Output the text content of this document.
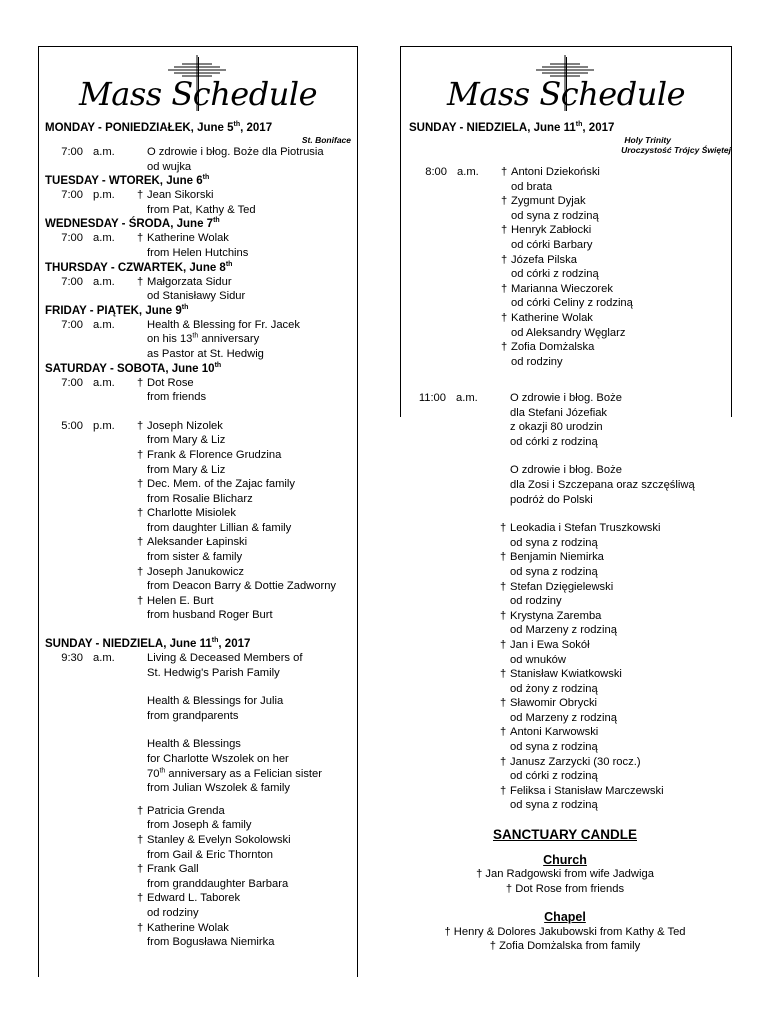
Mass Schedule
MONDAY - PONIEDZIAŁEK, June 5th, 2017
St. Boniface
7:00 a.m.	O zdrowie i błog. Boże dla Piotrusia
od wujka
TUESDAY - WTOREK, June 6th
7:00 p.m.	† Jean Sikorski
from Pat, Kathy & Ted
WEDNESDAY - ŚRODA, June 7th
7:00 a.m.	† Katherine Wolak
from Helen Hutchins
THURSDAY - CZWARTEK, June 8th
7:00 a.m.	† Małgorzata Sidur
od Stanisławy Sidur
FRIDAY - PIĄTEK, June 9th
7:00 a.m.	Health & Blessing for Fr. Jacek
on his 13th anniversary
as Pastor at St. Hedwig
SATURDAY - SOBOTA, June 10th
7:00 a.m.	† Dot Rose
from friends
5:00 p.m.	† Joseph Nizolek
from Mary & Liz
† Frank & Florence Grudzina
from Mary & Liz
† Dec. Mem. of the Zajac family
from Rosalie Blicharz
† Charlotte Misiolek
from daughter Lillian & family
† Aleksander Łapinski
from sister & family
† Joseph Janukowicz
from Deacon Barry & Dottie Zadworny
† Helen E. Burt
from husband Roger Burt
SUNDAY - NIEDZIELA, June 11th, 2017
9:30 a.m.	Living & Deceased Members of
St. Hedwig's Parish Family
Health & Blessings for Julia
from grandparents
Health & Blessings
for Charlotte Wszolek on her
70th anniversary as a Felician sister
from Julian Wszolek & family
† Patricia Grenda
from Joseph & family
† Stanley & Evelyn Sokolowski
from Gail & Eric Thornton
† Frank Gall
from granddaughter Barbara
† Edward L. Taborek
od rodziny
† Katherine Wolak
from Bogusława Niemirka
Mass Schedule
SUNDAY - NIEDZIELA, June 11th, 2017
Holy Trinity
Uroczystość Trójcy Świętej
8:00 a.m.	† Antoni Dziekoński
od brata
† Zygmunt Dyjak
od syna z rodziną
† Henryk Zabłocki
od córki Barbary
† Józefa Pilska
od córki z rodziną
† Marianna Wieczorek
od córki Celiny z rodziną
† Katherine Wolak
od Aleksandry Węglarz
† Zofia Domżalska
od rodziny
11:00 a.m.	O zdrowie i błog. Boże
dla Stefani Józefiak
z okazji 80 urodzin
od córki z rodziną
O zdrowie i błog. Boże
dla Zosi i Szczepana oraz szczęśliwą
podróż do Polski
† Leokadia i Stefan Truszkowski
od syna z rodziną
† Benjamin Niemirka
od syna z rodziną
† Stefan Dzięgielewski
od rodziny
† Krystyna Zaremba
od Marzeny z rodziną
† Jan i Ewa Sokół
od wnuków
† Stanisław Kwiatkowski
od żony z rodziną
† Sławomir Obrycki
od Marzeny z rodziną
† Antoni Karwowski
od syna z rodziną
† Janusz Zarzycki (30 rocz.)
od córki z rodziną
† Feliksa i Stanisław Marczewski
od syna z rodziną
SANCTUARY CANDLE
Church
† Jan Radgowski from wife Jadwiga
† Dot Rose from friends
Chapel
† Henry & Dolores Jakubowski from Kathy & Ted
† Zofia Domżalska from family
